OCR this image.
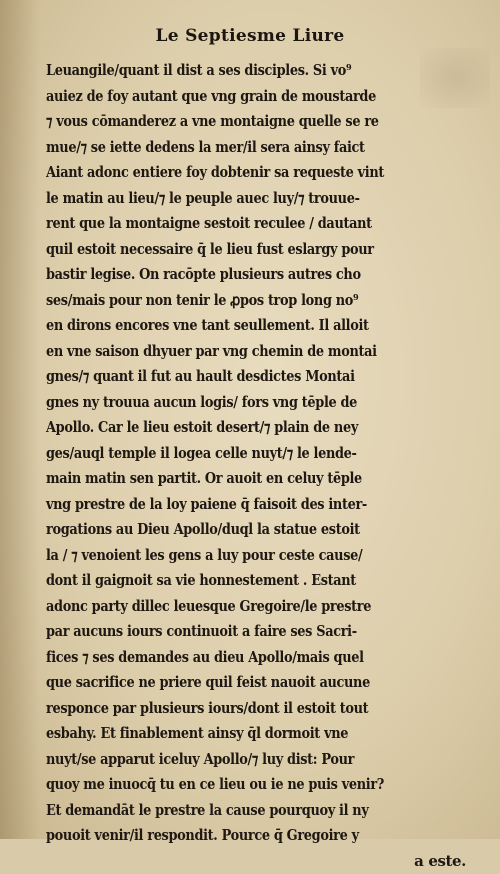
Le Septiesme Liure
Leuangile/quant il dist a ses disciples. Si vo⁹
auiez de foy autant que vng grain de moustarde
⁊ vous cōmanderez a vne montaigne quelle se re
mue/⁊ se iette dedens la mer/il sera ainsy faict
Aiant adonc entiere foy dobtenir sa requeste vint
le matin au lieu/⁊ le peuple auec luy/⁊ trouue-
rent que la montaigne sestoit reculee / dautant
quil estoit necessaire q̄ le lieu fust eslargy pour
bastir legise. On racōpte plusieurs autres cho
ses/mais pour non tenir le ꝓpos trop long no⁹
en dirons encores vne tant seullement. Il alloit
en vne saison dhyuer par vng chemin de montai
gnes/⁊ quant il fut au hault desdictes Montai
gnes ny trouua aucun logis/ fors vng tēple de
Apollo. Car le lieu estoit desert/⁊ plain de ney
ges/auql temple il logea celle nuyt/⁊ le lende-
main matin sen partit. Or auoit en celuy tēple
vng prestre de la loy paiene q̄ faisoit des inter-
rogations au Dieu Apollo/duql la statue estoit
la / ⁊ venoient les gens a luy pour ceste cause/
dont il gaignoit sa vie honnestement . Estant
adonc party dillec leuesque Gregoire/le prestre
par aucuns iours continuoit a faire ses Sacri-
fices ⁊ ses demandes au dieu Apollo/mais quel
que sacrifice ne priere quil feist nauoit aucune
responce par plusieurs iours/dont il estoit tout
esbahy. Et finablement ainsy q̄l dormoit vne
nuyt/se apparut iceluy Apollo/⁊ luy dist: Pour
quoy me inuocq̄ tu en ce lieu ou ie ne puis venir?
Et demandāt le prestre la cause pourquoy il ny
pouoit venir/il respondit. Pource q̄ Gregoire y
a este.
